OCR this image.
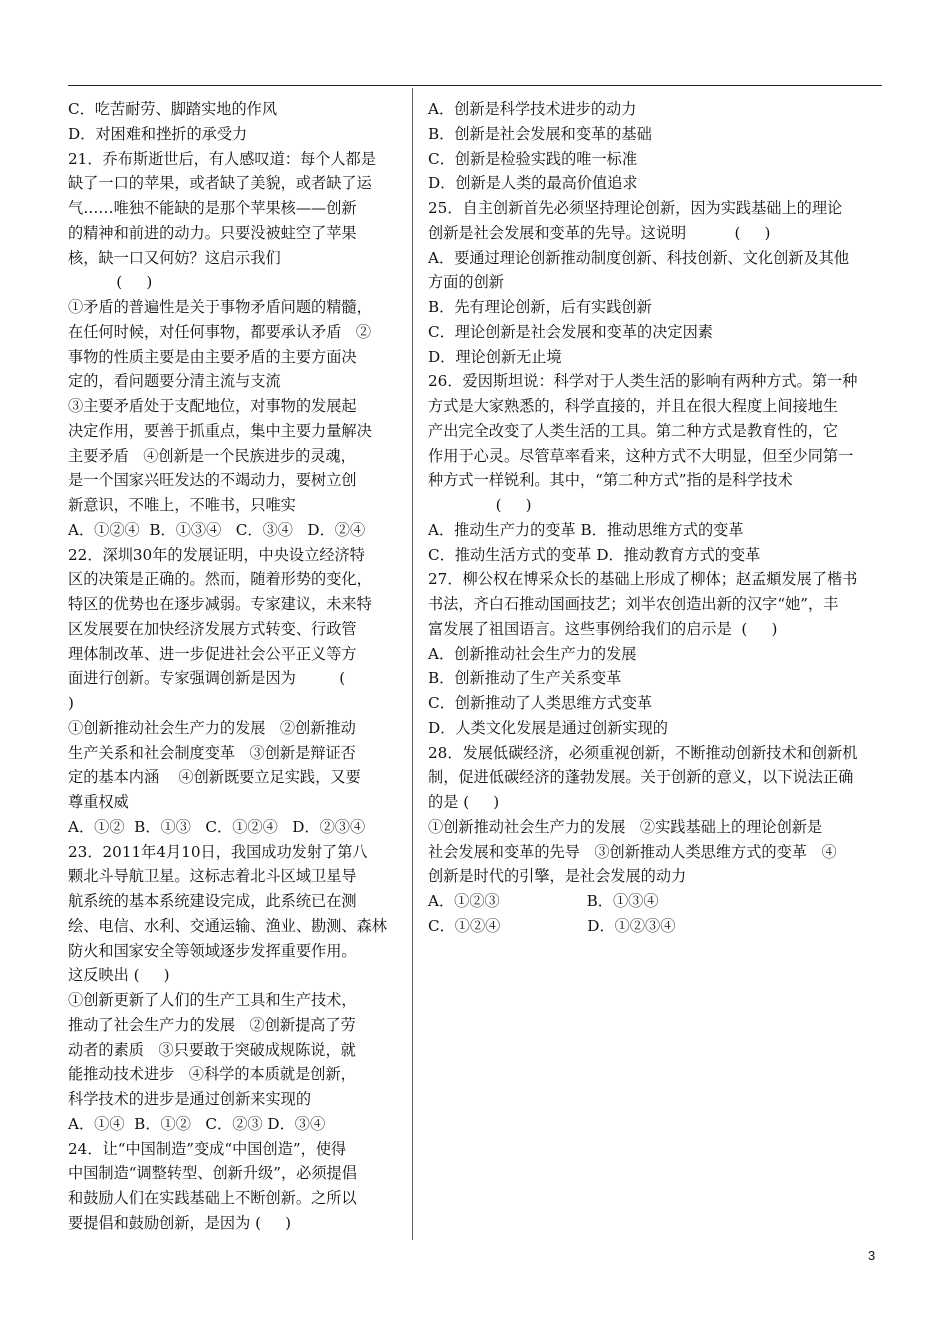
C．吃苦耐劳、脚踏实地的作风
D．对困难和挫折的承受力
21．乔布斯逝世后，有人感叹道：每个人都是
缺了一口的苹果，或者缺了美貌，或者缺了运
气……唯独不能缺的是那个苹果核——创新
的精神和前进的动力。只要没被蛀空了苹果
核，缺一口又何妨？这启示我们
(     )
①矛盾的普遍性是关于事物矛盾问题的精髓，
在任何时候，对任何事物，都要承认矛盾   ②
事物的性质主要是由主要矛盾的主要方面决
定的，看问题要分清主流与支流
③主要矛盾处于支配地位，对事物的发展起
决定作用，要善于抓重点，集中主要力量解决
主要矛盾   ④创新是一个民族进步的灵魂，
是一个国家兴旺发达的不竭动力，要树立创
新意识，不唯上，不唯书，只唯实
A．①②④  B．①③④   C．③④   D．②④
22．深圳30年的发展证明，中央设立经济特
区的决策是正确的。然而，随着形势的变化，
特区的优势也在逐步减弱。专家建议，未来特
区发展要在加快经济发展方式转变、行政管
理体制改革、进一步促进社会公平正义等方
面进行创新。专家强调创新是因为         (
)
①创新推动社会生产力的发展   ②创新推动
生产关系和社会制度变革   ③创新是辩证否
定的基本内涵    ④创新既要立足实践，又要
尊重权威
A．①②  B．①③   C．①②④   D．②③④
23．2011年4月10日，我国成功发射了第八
颗北斗导航卫星。这标志着北斗区域卫星导
航系统的基本系统建设完成，此系统已在测
绘、电信、水利、交通运输、渔业、勘测、森林
防火和国家安全等领域逐步发挥重要作用。
这反映出 (     )
①创新更新了人们的生产工具和生产技术，
推动了社会生产力的发展   ②创新提高了劳
动者的素质   ③只要敢于突破成规陈说，就
能推动技术进步   ④科学的本质就是创新，
科学技术的进步是通过创新来实现的
A．①④  B．①②   C．②③ D．③④
24．让“中国制造”变成“中国创造”，使得
中国制造“调整转型、创新升级”，必须提倡
和鼓励人们在实践基础上不断创新。之所以
要提倡和鼓励创新，是因为 (     )
A．创新是科学技术进步的动力
B．创新是社会发展和变革的基础
C．创新是检验实践的唯一标准
D．创新是人类的最高价值追求
25．自主创新首先必须坚持理论创新，因为实践基础上的理论
创新是社会发展和变革的先导。这说明          (     )
A．要通过理论创新推动制度创新、科技创新、文化创新及其他
方面的创新
B．先有理论创新，后有实践创新
C．理论创新是社会发展和变革的决定因素
D．理论创新无止境
26．爱因斯坦说：科学对于人类生活的影响有两种方式。第一种
方式是大家熟悉的，科学直接的，并且在很大程度上间接地生
产出完全改变了人类生活的工具。第二种方式是教育性的，它
作用于心灵。尽管草率看来，这种方式不大明显，但至少同第一
种方式一样锐利。其中，“第二种方式”指的是科学技术
(     )
A．推动生产力的变革 B．推动思维方式的变革
C．推动生活方式的变革 D．推动教育方式的变革
27．柳公权在博采众长的基础上形成了柳体；赵孟頫发展了楷书
书法，齐白石推动国画技艺；刘半农创造出新的汉字“她”，丰
富发展了祖国语言。这些事例给我们的启示是  (     )
A．创新推动社会生产力的发展
B．创新推动了生产关系变革
C．创新推动了人类思维方式变革
D．人类文化发展是通过创新实现的
28．发展低碳经济，必须重视创新，不断推动创新技术和创新机
制，促进低碳经济的蓬勃发展。关于创新的意义，以下说法正确
的是 (     )
①创新推动社会生产力的发展   ②实践基础上的理论创新是
社会发展和变革的先导   ③创新推动人类思维方式的变革   ④
创新是时代的引擎，是社会发展的动力
A．①②③                  B．①③④
C．①②④                  D．①②③④
3
